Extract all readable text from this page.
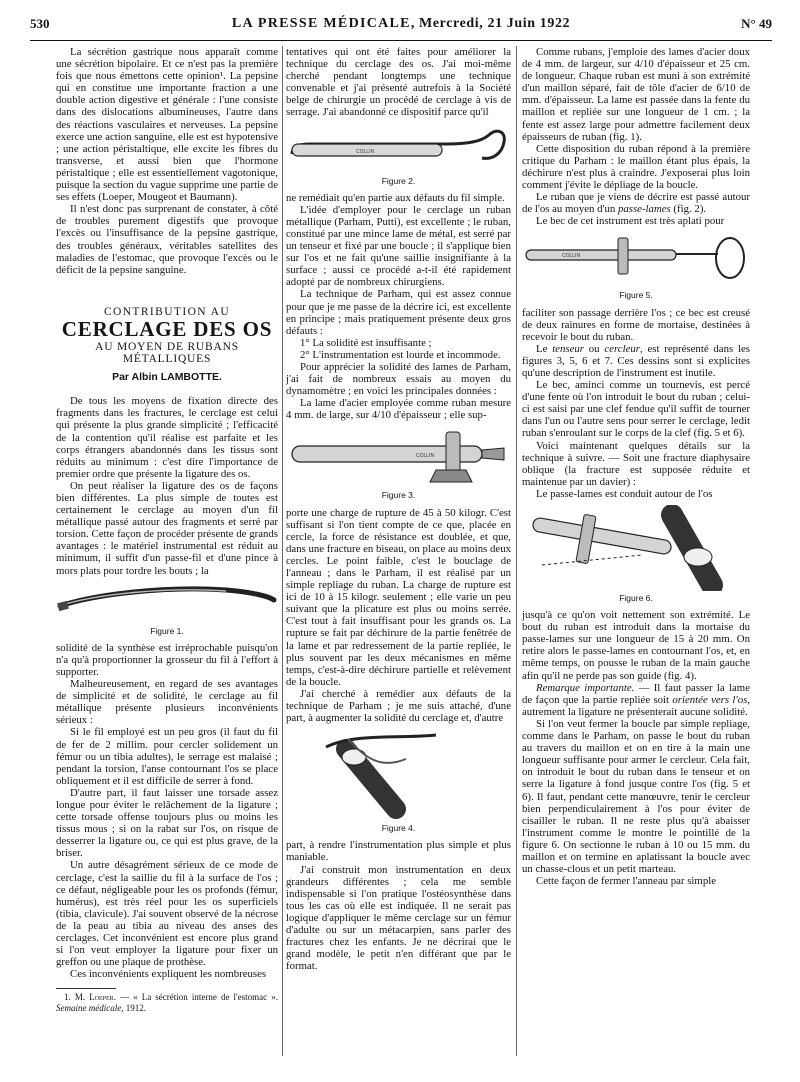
530	LA PRESSE MÉDICALE, Mercredi, 21 Juin 1922	N° 49

La sécrétion gastrique nous apparaît comme une sécrétion bipolaire. Et ce n'est pas la première fois que nous émettons cette opinion¹. La pepsine qui en constitue une importante fraction a une double action digestive et générale : l'une consiste dans des dislocations albumineuses, l'autre dans des réactions vasculaires et nerveuses. La pepsine exerce une action sanguine, elle est est hypotensive ; une action péristaltique, elle excite les fibres du transverse, et aussi bien que l'hormone péristaltique ; elle est essentiellement vagotonique, puisque la section du vague supprime une partie de ses effets (Loeper, Mougeot et Baumann).

Il n'est donc pas surprenant de constater, à côté de troubles purement digestifs que provoque l'excès ou l'insuffisance de la pepsine gastrique, des troubles généraux, véritables satellites des maladies de l'estomac, que provoque l'excès ou le déficit de la pepsine sanguine.

CONTRIBUTION AU
CERCLAGE DES OS
AU MOYEN DE RUBANS MÉTALLIQUES
Par Albin LAMBOTTE.

De tous les moyens de fixation directe des fragments dans les fractures, le cerclage est celui qui présente la plus grande simplicité ; l'efficacité de la contention qu'il réalise est parfaite et les corps étrangers abandonnés dans les tissus sont réduits au minimum : c'est dire l'importance de premier ordre que présente la ligature des os.

On peut réaliser la ligature des os de façons bien différentes. La plus simple de toutes est certainement le cerclage au moyen d'un fil métallique passé autour des fragments et serré par torsion. Cette façon de procéder présente de grands avantages : le matériel instrumental est réduit au minimum, il suffit d'un passe-fil et d'une pince à mors plats pour tordre les bouts ; la

Figure 1.

solidité de la synthèse est irréprochable puisqu'on n'a qu'à proportionner la grosseur du fil à l'effort à supporter.

Malheureusement, en regard de ses avantages de simplicité et de solidité, le cerclage au fil métallique présente plusieurs inconvénients sérieux :

Si le fil employé est un peu gros (il faut du fil de fer de 2 millim. pour cercler solidement un fémur ou un tibia adultes), le serrage est malaisé ; pendant la torsion, l'anse contournant l'os se place obliquement et il est difficile de serrer à fond.

D'autre part, il faut laisser une torsade assez longue pour éviter le relâchement de la ligature ; cette torsade offense toujours plus ou moins les tissus mous ; si on la rabat sur l'os, on risque de desserrer la ligature ou, ce qui est plus grave, de la briser.

Un autre désagrément sérieux de ce mode de cerclage, c'est la saillie du fil à la surface de l'os ; ce défaut, négligeable pour les os profonds (fémur, humérus), est très réel pour les os superficiels (tibia, clavicule). J'ai souvent observé de la nécrose de la peau au tibia au niveau des anses des cerclages. Cet inconvénient est encore plus grand si l'on veut employer la ligature pour fixer un greffon ou une plaque de prothèse.

Ces inconvénients expliquent les nombreuses

1. M. Loeper. — « La sécrétion interne de l'estomac ». Semaine médicale, 1912.

tentatives qui ont été faites pour améliorer la technique du cerclage des os. J'ai moi-même cherché pendant longtemps une technique convenable et j'ai présenté autrefois à la Société belge de chirurgie un procédé de cerclage à vis de serrage. J'ai abandonné ce dispositif parce qu'il

COLLIN
Figure 2.

ne remédiait qu'en partie aux défauts du fil simple.

L'idée d'employer pour le cerclage un ruban métallique (Parham, Putti), est excellente ; le ruban, constitué par une mince lame de métal, est serré par un tenseur et fixé par une boucle ; il s'applique bien sur l'os et ne fait qu'une saillie insignifiante à la surface ; aussi ce procédé a-t-il été rapidement adopté par de nombreux chirurgiens.

La technique de Parham, qui est assez connue pour que je me passe de la décrire ici, est excellente en principe ; mais pratiquement présente deux gros défauts :

1° La solidité est insuffisante ;

2° L'instrumentation est lourde et incommode.

Pour apprécier la solidité des lames de Parham, j'ai fait de nombreux essais au moyen du dynamomètre ; en voici les principales données :

La lame d'acier employée comme ruban mesure 4 mm. de large, sur 4/10 d'épaisseur ; elle sup-

COLLIN
Figure 3.

porte une charge de rupture de 45 à 50 kilogr. C'est suffisant si l'on tient compte de ce que, placée en cercle, la force de résistance est doublée, et que, dans une fracture en biseau, on place au moins deux cercles. Le point faible, c'est le bouclage de l'anneau ; dans le Parham, il est réalisé par un simple repliage du ruban. La charge de rupture est ici de 10 à 15 kilogr. seulement ; elle varie un peu suivant que la plicature est plus ou moins serrée. C'est tout à fait insuffisant pour les grands os. La rupture se fait par déchirure de la partie fenêtrée de la lame et par redressement de la partie repliée, le plus souvent par les deux mécanismes en même temps, c'est-à-dire déchirure partielle et relèvement de la boucle.

J'ai cherché à remédier aux défauts de la technique de Parham ; je me suis attaché, d'une part, à augmenter la solidité du cerclage et, d'autre

Figure 4.

part, à rendre l'instrumentation plus simple et plus maniable.

J'ai construit mon instrumentation en deux grandeurs différentes ; cela me semble indispensable si l'on pratique l'ostéosynthèse dans tous les cas où elle est indiquée. Il ne serait pas logique d'appliquer le même cerclage sur un fémur d'adulte ou sur un métacarpien, sans parler des fractures chez les enfants. Je ne décrirai que le grand modèle, le petit n'en différant que par le format.

Comme rubans, j'emploie des lames d'acier doux de 4 mm. de largeur, sur 4/10 d'épaisseur et 25 cm. de longueur. Chaque ruban est muni à son extrémité d'un maillon séparé, fait de tôle d'acier de 6/10 de mm. d'épaisseur. La lame est passée dans la fente du maillon et repliée sur une longueur de 1 cm. ; la fente est assez large pour admettre facilement deux épaisseurs de ruban (fig. 1).

Cette disposition du ruban répond à la première critique du Parham : le maillon étant plus épais, la déchirure n'est plus à craindre. J'exposerai plus loin comment j'évite le dépliage de la boucle.

Le ruban que je viens de décrire est passé autour de l'os au moyen d'un passe-lames (fig. 2).

Le bec de cet instrument est très aplati pour

COLLIN
Figure 5.

faciliter son passage derrière l'os ; ce bec est creusé de deux rainures en forme de mortaise, destinées à recevoir le bout du ruban.

Le tenseur ou cercleur, est représenté dans les figures 3, 5, 6 et 7. Ces dessins sont si explicites qu'une description de l'instrument est inutile.

Le bec, aminci comme un tournevis, est percé d'une fente où l'on introduit le bout du ruban ; celui-ci est saisi par une clef fendue qu'il suffit de tourner dans l'un ou l'autre sens pour serrer le cerclage, ledit ruban s'enroulant sur le corps de la clef (fig. 5 et 6).

Voici maintenant quelques détails sur la technique à suivre. — Soit une fracture diaphysaire oblique (la fracture est supposée réduite et maintenue par un davier) :

Le passe-lames est conduit autour de l'os

Figure 6.

jusqu'à ce qu'on voit nettement son extrémité. Le bout du ruban est introduit dans la mortaise du passe-lames sur une longueur de 15 à 20 mm. On retire alors le passe-lames en contournant l'os, et, en même temps, on pousse le ruban de la main gauche afin qu'il ne perde pas son guide (fig. 4).

Remarque importante. — Il faut passer la lame de façon que la partie repliée soit orientée vers l'os, autrement la ligature ne présenterait aucune solidité.

Si l'on veut fermer la boucle par simple repliage, comme dans le Parham, on passe le bout du ruban au travers du maillon et on en tire à la main une longueur suffisante pour armer le cercleur. Cela fait, on introduit le bout du ruban dans le tenseur et on serre la ligature à fond jusque contre l'os (fig. 5 et 6). Il faut, pendant cette manœuvre, tenir le cercleur bien perpendiculairement à l'os pour éviter de cisailler le ruban. Il ne reste plus qu'à abaisser l'instrument comme le montre le pointillé de la figure 6. On sectionne le ruban à 10 ou 15 mm. du maillon et on termine en aplatissant la boucle avec un chasse-clous et un petit marteau.

Cette façon de fermer l'anneau par simple
